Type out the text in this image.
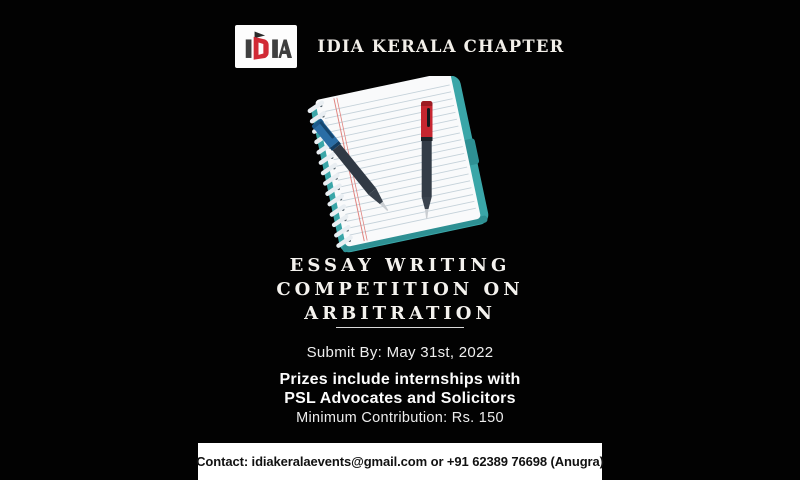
IDIA KERALA CHAPTER
ESSAY WRITING
COMPETITION ON
ARBITRATION
Submit By: May 31st, 2022
Prizes include internships with
PSL Advocates and Solicitors
Minimum Contribution: Rs. 150
Contact: idiakeralaevents@gmail.com or +91 62389 76698 (Anugra)
